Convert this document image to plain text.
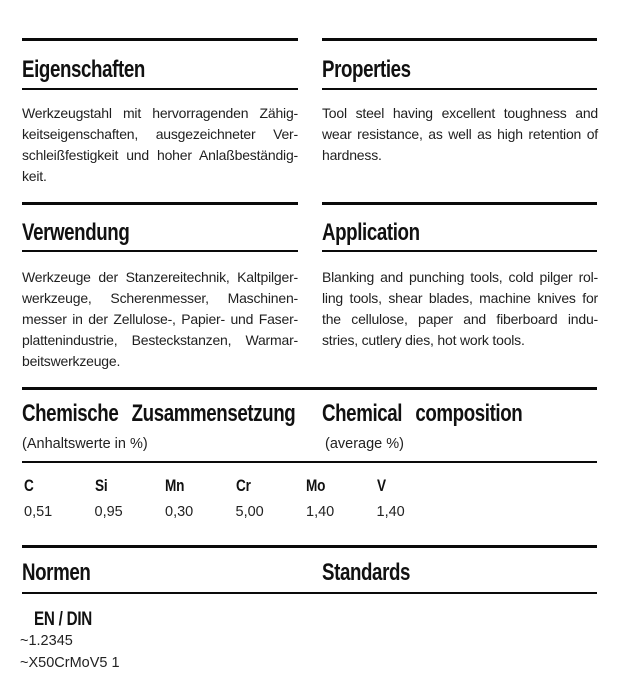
Eigenschaften	Properties
Werkzeugstahl mit hervorragenden Zähig-
keitseigenschaften, ausgezeichneter Ver-
schleißfestigkeit und hoher Anlaßbeständig-
keit.
Tool steel having excellent toughness and
wear resistance, as well as high retention of
hardness.
Verwendung	Application
Werkzeuge der Stanzereitechnik, Kaltpilger-
werkzeuge, Scherenmesser, Maschinen-
messer in der Zellulose-, Papier- und Faser-
plattenindustrie, Besteckstanzen, Warmar-
beitswerkzeuge.
Blanking and punching tools, cold pilger rol-
ling tools, shear blades, machine knives for
the cellulose, paper and fiberboard indu-
stries, cutlery dies, hot work tools.
Chemische Zusammensetzung Chemical composition
(Anhaltswerte in %)	(average %)
C	Si	Mn	Cr	Mo	V
0,51	0,95	0,30	5,00	1,40	1,40
Normen	Standards
EN / DIN
~1.2345
~X50CrMoV5 1
